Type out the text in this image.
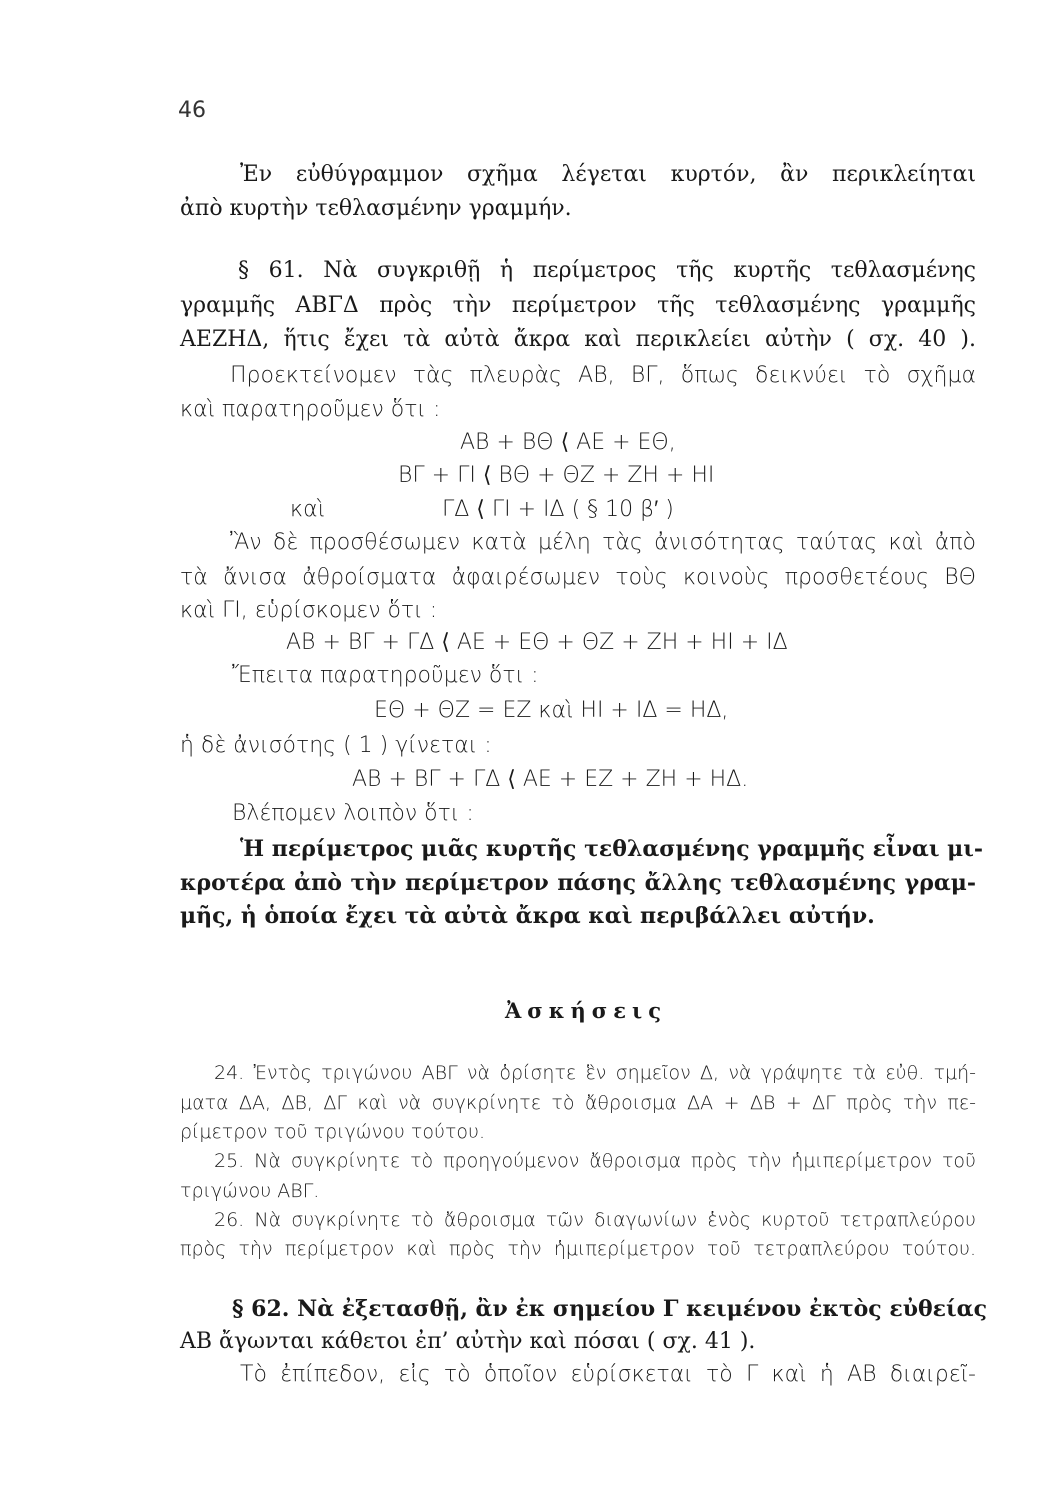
46
Ἐν εὐθύγραμμον σχῆμα λέγεται κυρτόν, ἂν περικλείηται
ἀπὸ κυρτὴν τεθλασμένην γραμμήν.
§ 61. Νὰ συγκριθῇ ἡ περίμετρος τῆς κυρτῆς τεθλασμένης
γραμμῆς ΑΒΓΔ πρὸς τὴν περίμετρον τῆς τεθλασμένης γραμμῆς
ΑΕΖΗΔ, ἥτις ἔχει τὰ αὐτὰ ἄκρα καὶ περικλείει αὐτὴν ( σχ. 40 ).
Προεκτείνομεν τὰς πλευρὰς ΑΒ, ΒΓ, ὅπως δεικνύει τὸ σχῆμα
καὶ παρατηροῦμεν ὅτι :
ΑΒ + ΒΘ ⟨ ΑΕ + ΕΘ,
ΒΓ + ΓΙ ⟨ ΒΘ + ΘΖ + ΖΗ + ΗΙ
καὶ	ΓΔ ⟨ ΓΙ + ΙΔ ( § 10 β′ )
Ἂν δὲ προσθέσωμεν κατὰ μέλη τὰς ἀνισότητας ταύτας καὶ ἀπὸ
τὰ ἄνισα ἀθροίσματα ἀφαιρέσωμεν τοὺς κοινοὺς προσθετέους ΒΘ
καὶ ΓΙ, εὑρίσκομεν ὅτι :
ΑΒ + ΒΓ + ΓΔ ⟨ ΑΕ + ΕΘ + ΘΖ + ΖΗ + ΗΙ + ΙΔ
Ἔπειτα παρατηροῦμεν ὅτι :
ΕΘ + ΘΖ = ΕΖ καὶ ΗΙ + ΙΔ = ΗΔ,
ἡ δὲ ἀνισότης ( 1 ) γίνεται :
ΑΒ + ΒΓ + ΓΔ ⟨ ΑΕ + ΕΖ + ΖΗ + ΗΔ.
Βλέπομεν λοιπὸν ὅτι :
Ἡ περίμετρος μιᾶς κυρτῆς τεθλασμένης γραμμῆς εἶναι μι-
κροτέρα ἀπὸ τὴν περίμετρον πάσης ἄλλης τεθλασμένης γραμ-
μῆς, ἡ ὁποία ἔχει τὰ αὐτὰ ἄκρα καὶ περιβάλλει αὐτήν.
Ἀσκήσεις
24. Ἐντὸς τριγώνου ΑΒΓ νὰ ὁρίσητε ἓν σημεῖον Δ, νὰ γράψητε τὰ εὐθ. τμή-
ματα ΔΑ, ΔΒ, ΔΓ καὶ νὰ συγκρίνητε τὸ ἄθροισμα ΔΑ + ΔΒ + ΔΓ πρὸς τὴν πε-
ρίμετρον τοῦ τριγώνου τούτου.
25. Νὰ συγκρίνητε τὸ προηγούμενον ἄθροισμα πρὸς τὴν ἡμιπερίμετρον τοῦ
τριγώνου ΑΒΓ.
26. Νὰ συγκρίνητε τὸ ἄθροισμα τῶν διαγωνίων ἑνὸς κυρτοῦ τετραπλεύρου
πρὸς τὴν περίμετρον καὶ πρὸς τὴν ἡμιπερίμετρον τοῦ τετραπλεύρου τούτου.
§ 62. Νὰ ἐξετασθῇ, ἂν ἐκ σημείου Γ κειμένου ἐκτὸς εὐθείας
ΑΒ ἄγωνται κάθετοι ἐπ’ αὐτὴν καὶ πόσαι ( σχ. 41 ).
Τὸ ἐπίπεδον, εἰς τὸ ὁποῖον εὑρίσκεται τὸ Γ καὶ ἡ ΑΒ διαιρεῖ-
